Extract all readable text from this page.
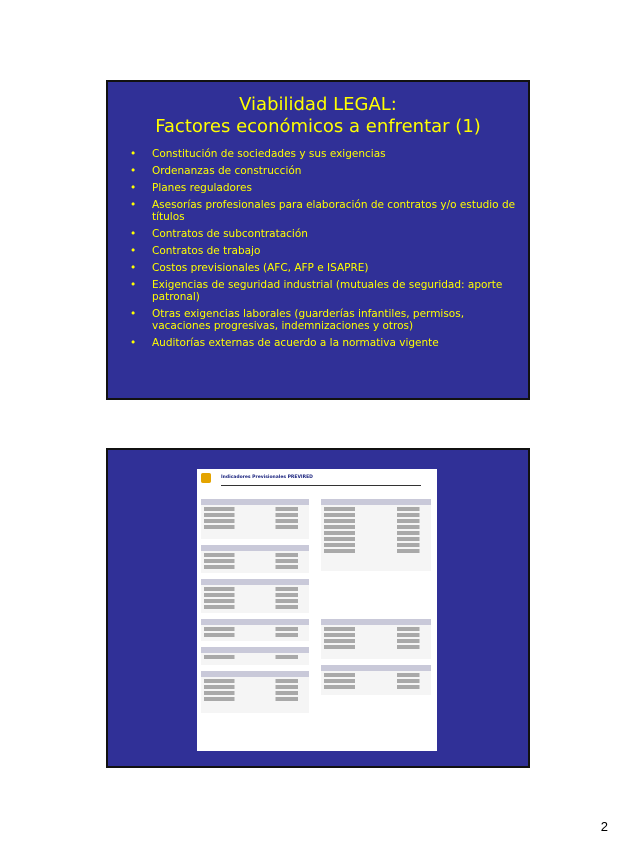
Viabilidad LEGAL:
Factores económicos a enfrentar (1)
• Constitución de sociedades y sus exigencias
• Ordenanzas de construcción
• Planes reguladores
• Asesorías profesionales para elaboración de contratos y/o estudio de títulos
• Contratos de subcontratación
• Contratos de trabajo
• Costos previsionales (AFC, AFP e ISAPRE)
• Exigencias de seguridad industrial (mutuales de seguridad: aporte patronal)
• Otras exigencias laborales (guarderías infantiles, permisos, vacaciones progresivas, indemnizaciones y otros)
• Auditorías externas de acuerdo a la normativa vigente
Indicadores Previsionales PREVIRED
2
